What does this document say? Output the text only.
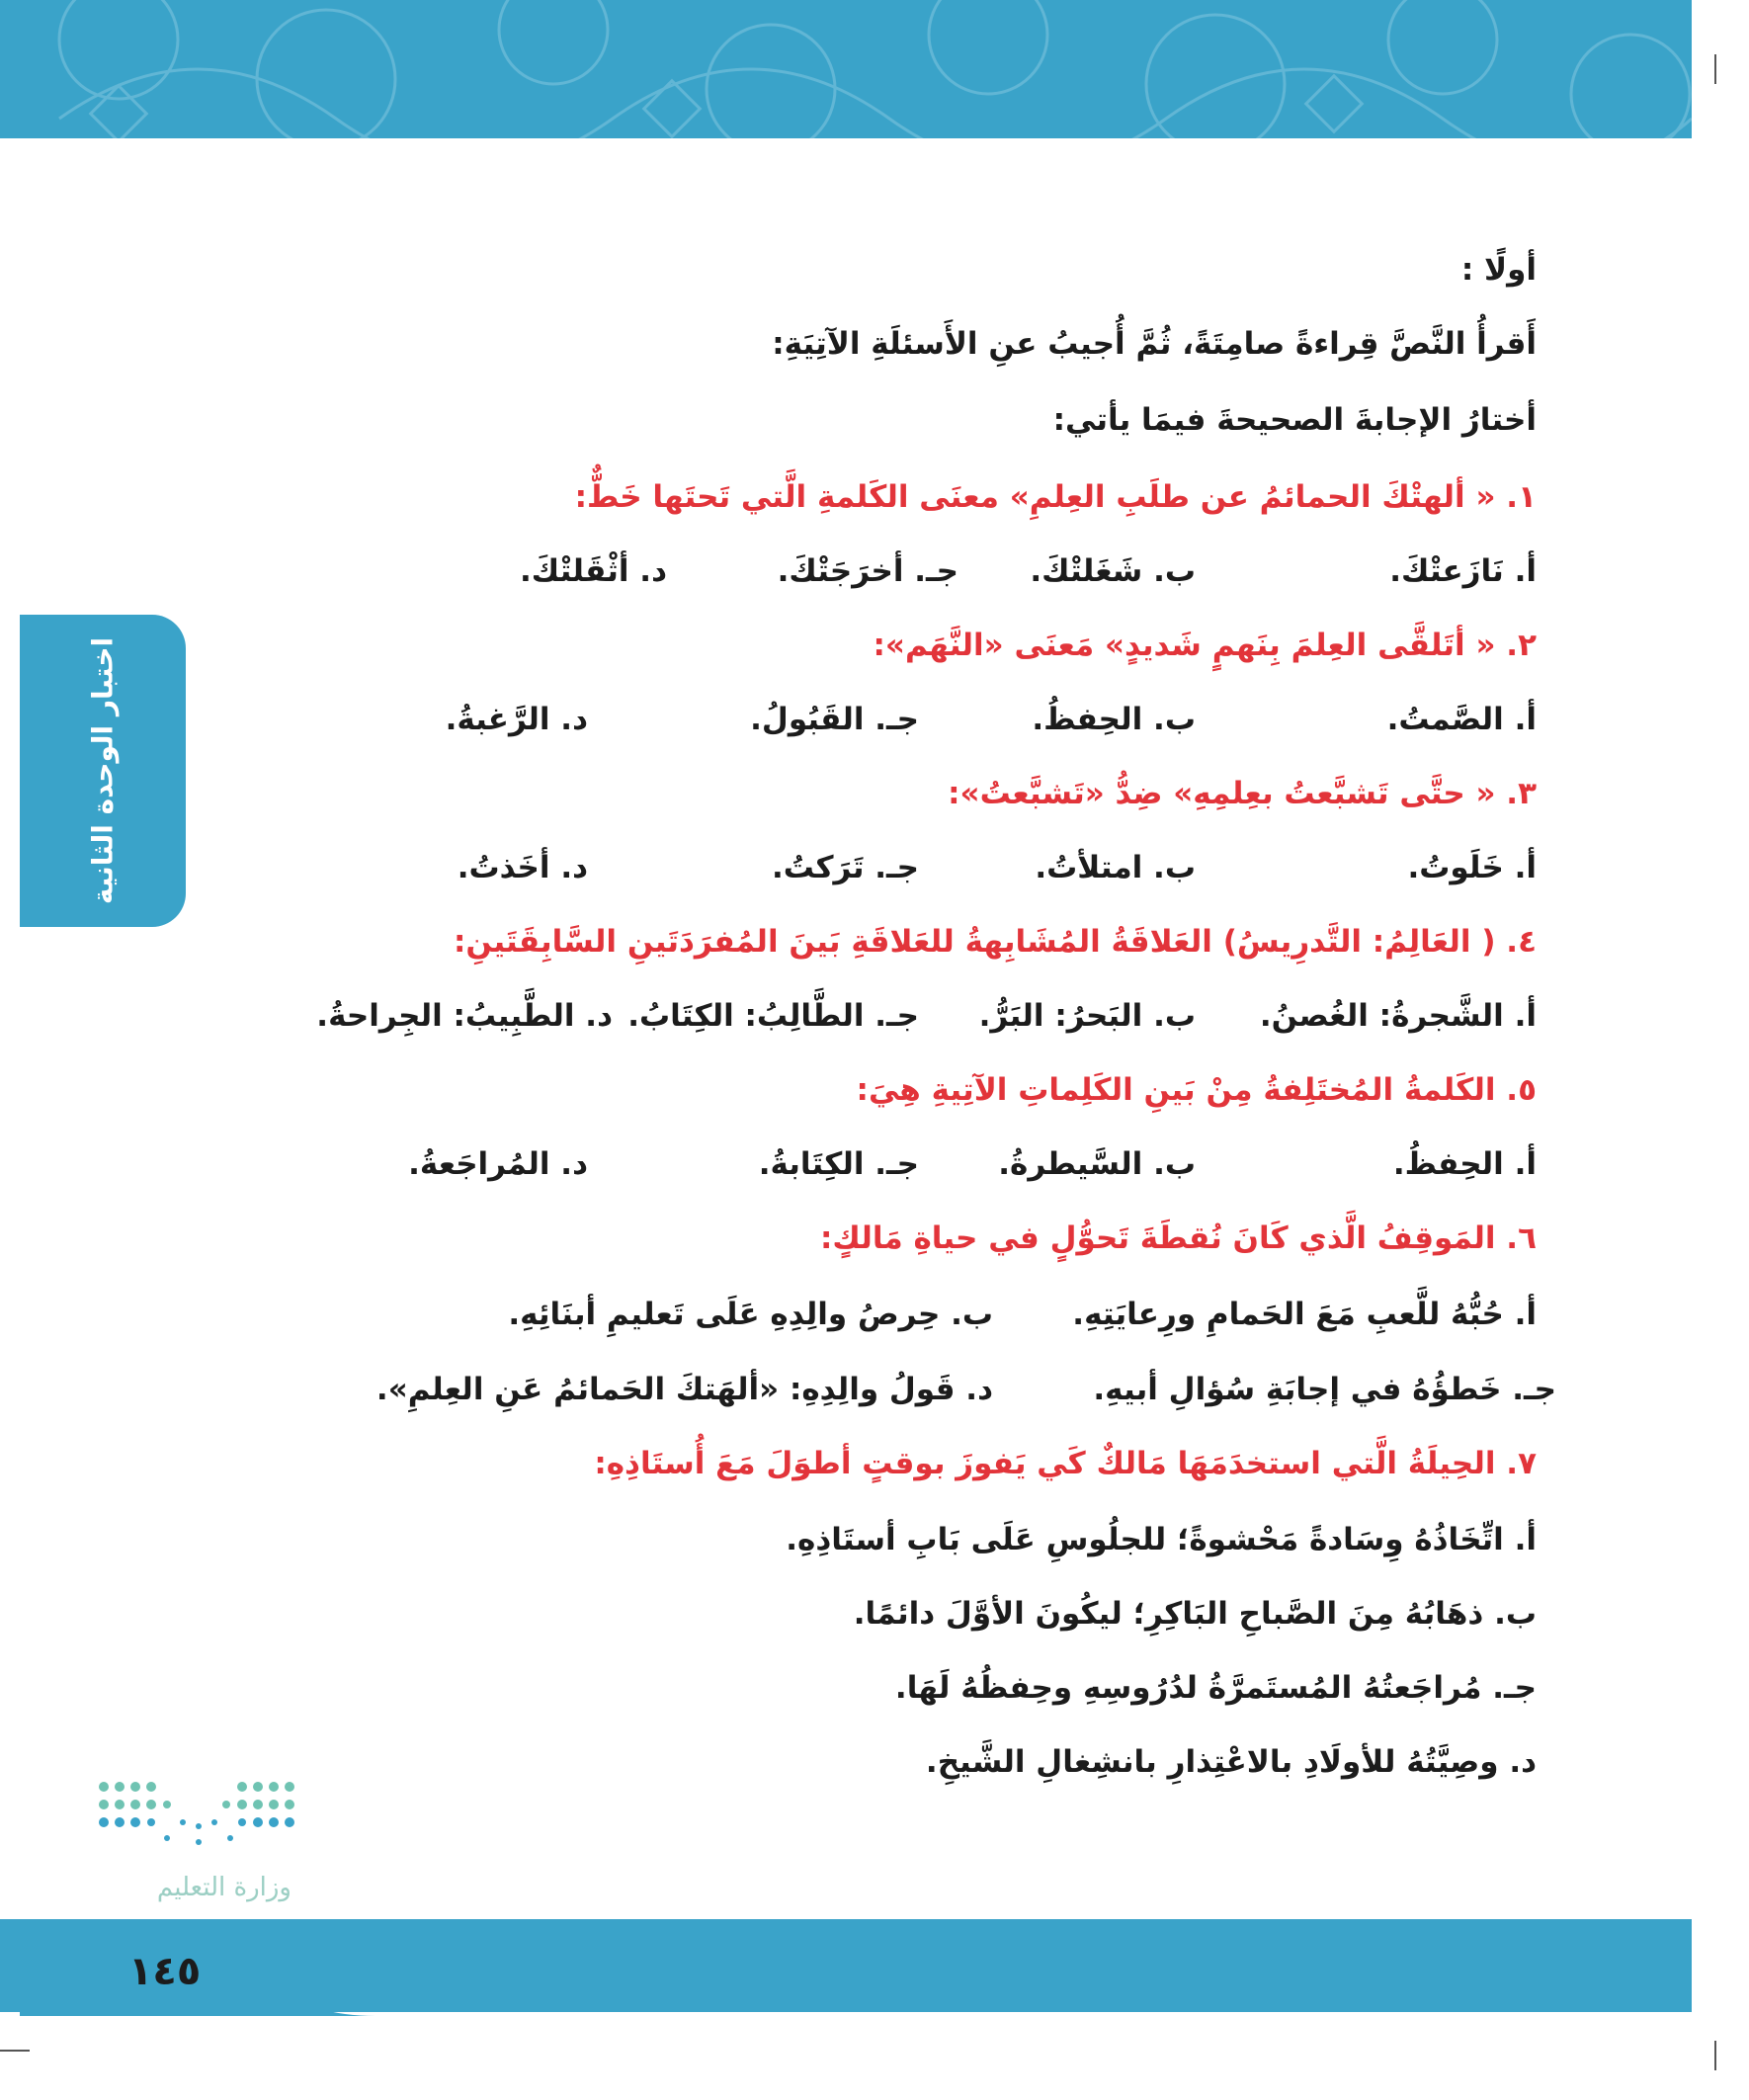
اختبار الوحدة الثانية
أولًا :
أَقرأُ النَّصَّ قِراءةً صامِتَةً، ثُمَّ أُجيبُ عنِ الأَسئلَةِ الآتِيَةِ:
أختارُ الإجابةَ الصحيحةَ فيمَا يأتي:
١. « ألهتْكَ الحمائمُ عن طلَبِ العِلمِ» معنَى الكَلمةِ الَّتي تَحتَها خَطٌّ:
أ. نَازَعتْكَ.
ب. شَغَلتْكَ.
جـ. أخرَجَتْكَ.
د. أثْقَلتْكَ.
٢. « أتَلقَّى العِلمَ بِنَهمٍ شَديدٍ» مَعنَى «النَّهَم»:
أ. الصَّمتُ.
ب. الحِفظُ.
جـ. القَبُولُ.
د. الرَّغبةُ.
٣. « حتَّى تَشبَّعتُ بعِلمِهِ» ضِدُّ «تَشبَّعتُ»:
أ. خَلَوتُ.
ب. امتلأتُ.
جـ. تَرَكتُ.
د. أخَذتُ.
٤. ( العَالِمُ: التَّدرِيسُ) العَلاقَةُ المُشَابِهةُ للعَلاقَةِ بَينَ المُفرَدَتَينِ السَّابِقَتَينِ:
أ. الشَّجرةُ: الغُصنُ.
ب. البَحرُ: البَرُّ.
جـ. الطَّالِبُ: الكِتَابُ.
د. الطَّبِيبُ: الجِراحةُ.
٥. الكَلمةُ المُختَلِفةُ مِنْ بَينِ الكَلِماتِ الآتِيةِ هِيَ:
أ. الحِفظُ.
ب. السَّيطرةُ.
جـ. الكِتَابةُ.
د. المُراجَعةُ.
٦. المَوقِفُ الَّذي كَانَ نُقطَةَ تَحوُّلٍ في حياةِ مَالكٍ:
أ. حُبُّهُ للَّعبِ مَعَ الحَمامِ ورِعايَتِهِ.
ب. حِرصُ والِدِهِ عَلَى تَعليمِ أبنَائِهِ.
جـ. خَطؤُهُ في إجابَةِ سُؤالِ أبيهِ.
د. قَولُ والِدِهِ: «ألهَتكَ الحَمائمُ عَنِ العِلمِ».
٧. الحِيلَةُ الَّتي استخدَمَهَا مَالكٌ كَي يَفوزَ بوقتٍ أطوَلَ مَعَ أُستَاذِهِ:
أ. اتِّخَاذُهُ وِسَادةً مَحْشوةً؛ للجلُوسِ عَلَى بَابِ أستَاذِهِ.
ب. ذهَابُهُ مِنَ الصَّباحِ البَاكِرِ؛ ليكُونَ الأوَّلَ دائمًا.
جـ. مُراجَعتُهُ المُستَمرَّةُ لدُرُوسِهِ وحِفظُهُ لَهَا.
د. وصِيَّتُهُ للأولَادِ بالاعْتِذارِ بانشِغالِ الشَّيخِ.
وزارة التعليم
١٤٥
